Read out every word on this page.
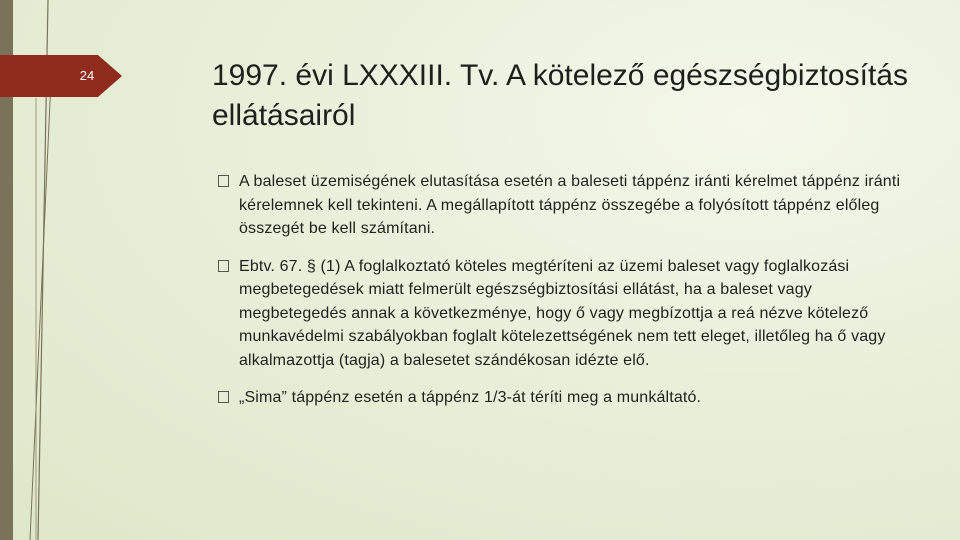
24	1997. évi LXXXIII. Tv. A kötelező egészségbiztosítás ellátásairól
A baleset üzemiségének elutasítása esetén a baleseti táppénz iránti kérelmet táppénz iránti kérelemnek kell tekinteni. A megállapított táppénz összegébe a folyósított táppénz előleg összegét be kell számítani.
Ebtv. 67. § (1) A foglalkoztató köteles megtéríteni az üzemi baleset vagy foglalkozási megbetegedések miatt felmerült egészségbiztosítási ellátást, ha a baleset vagy megbetegedés annak a következménye, hogy ő vagy megbízottja a reá nézve kötelező munkavédelmi szabályokban foglalt kötelezettségének nem tett eleget, illetőleg ha ő vagy alkalmazottja (tagja) a balesetet szándékosan idézte elő.
„Sima” táppénz esetén a táppénz 1/3-át téríti meg a munkáltató.
